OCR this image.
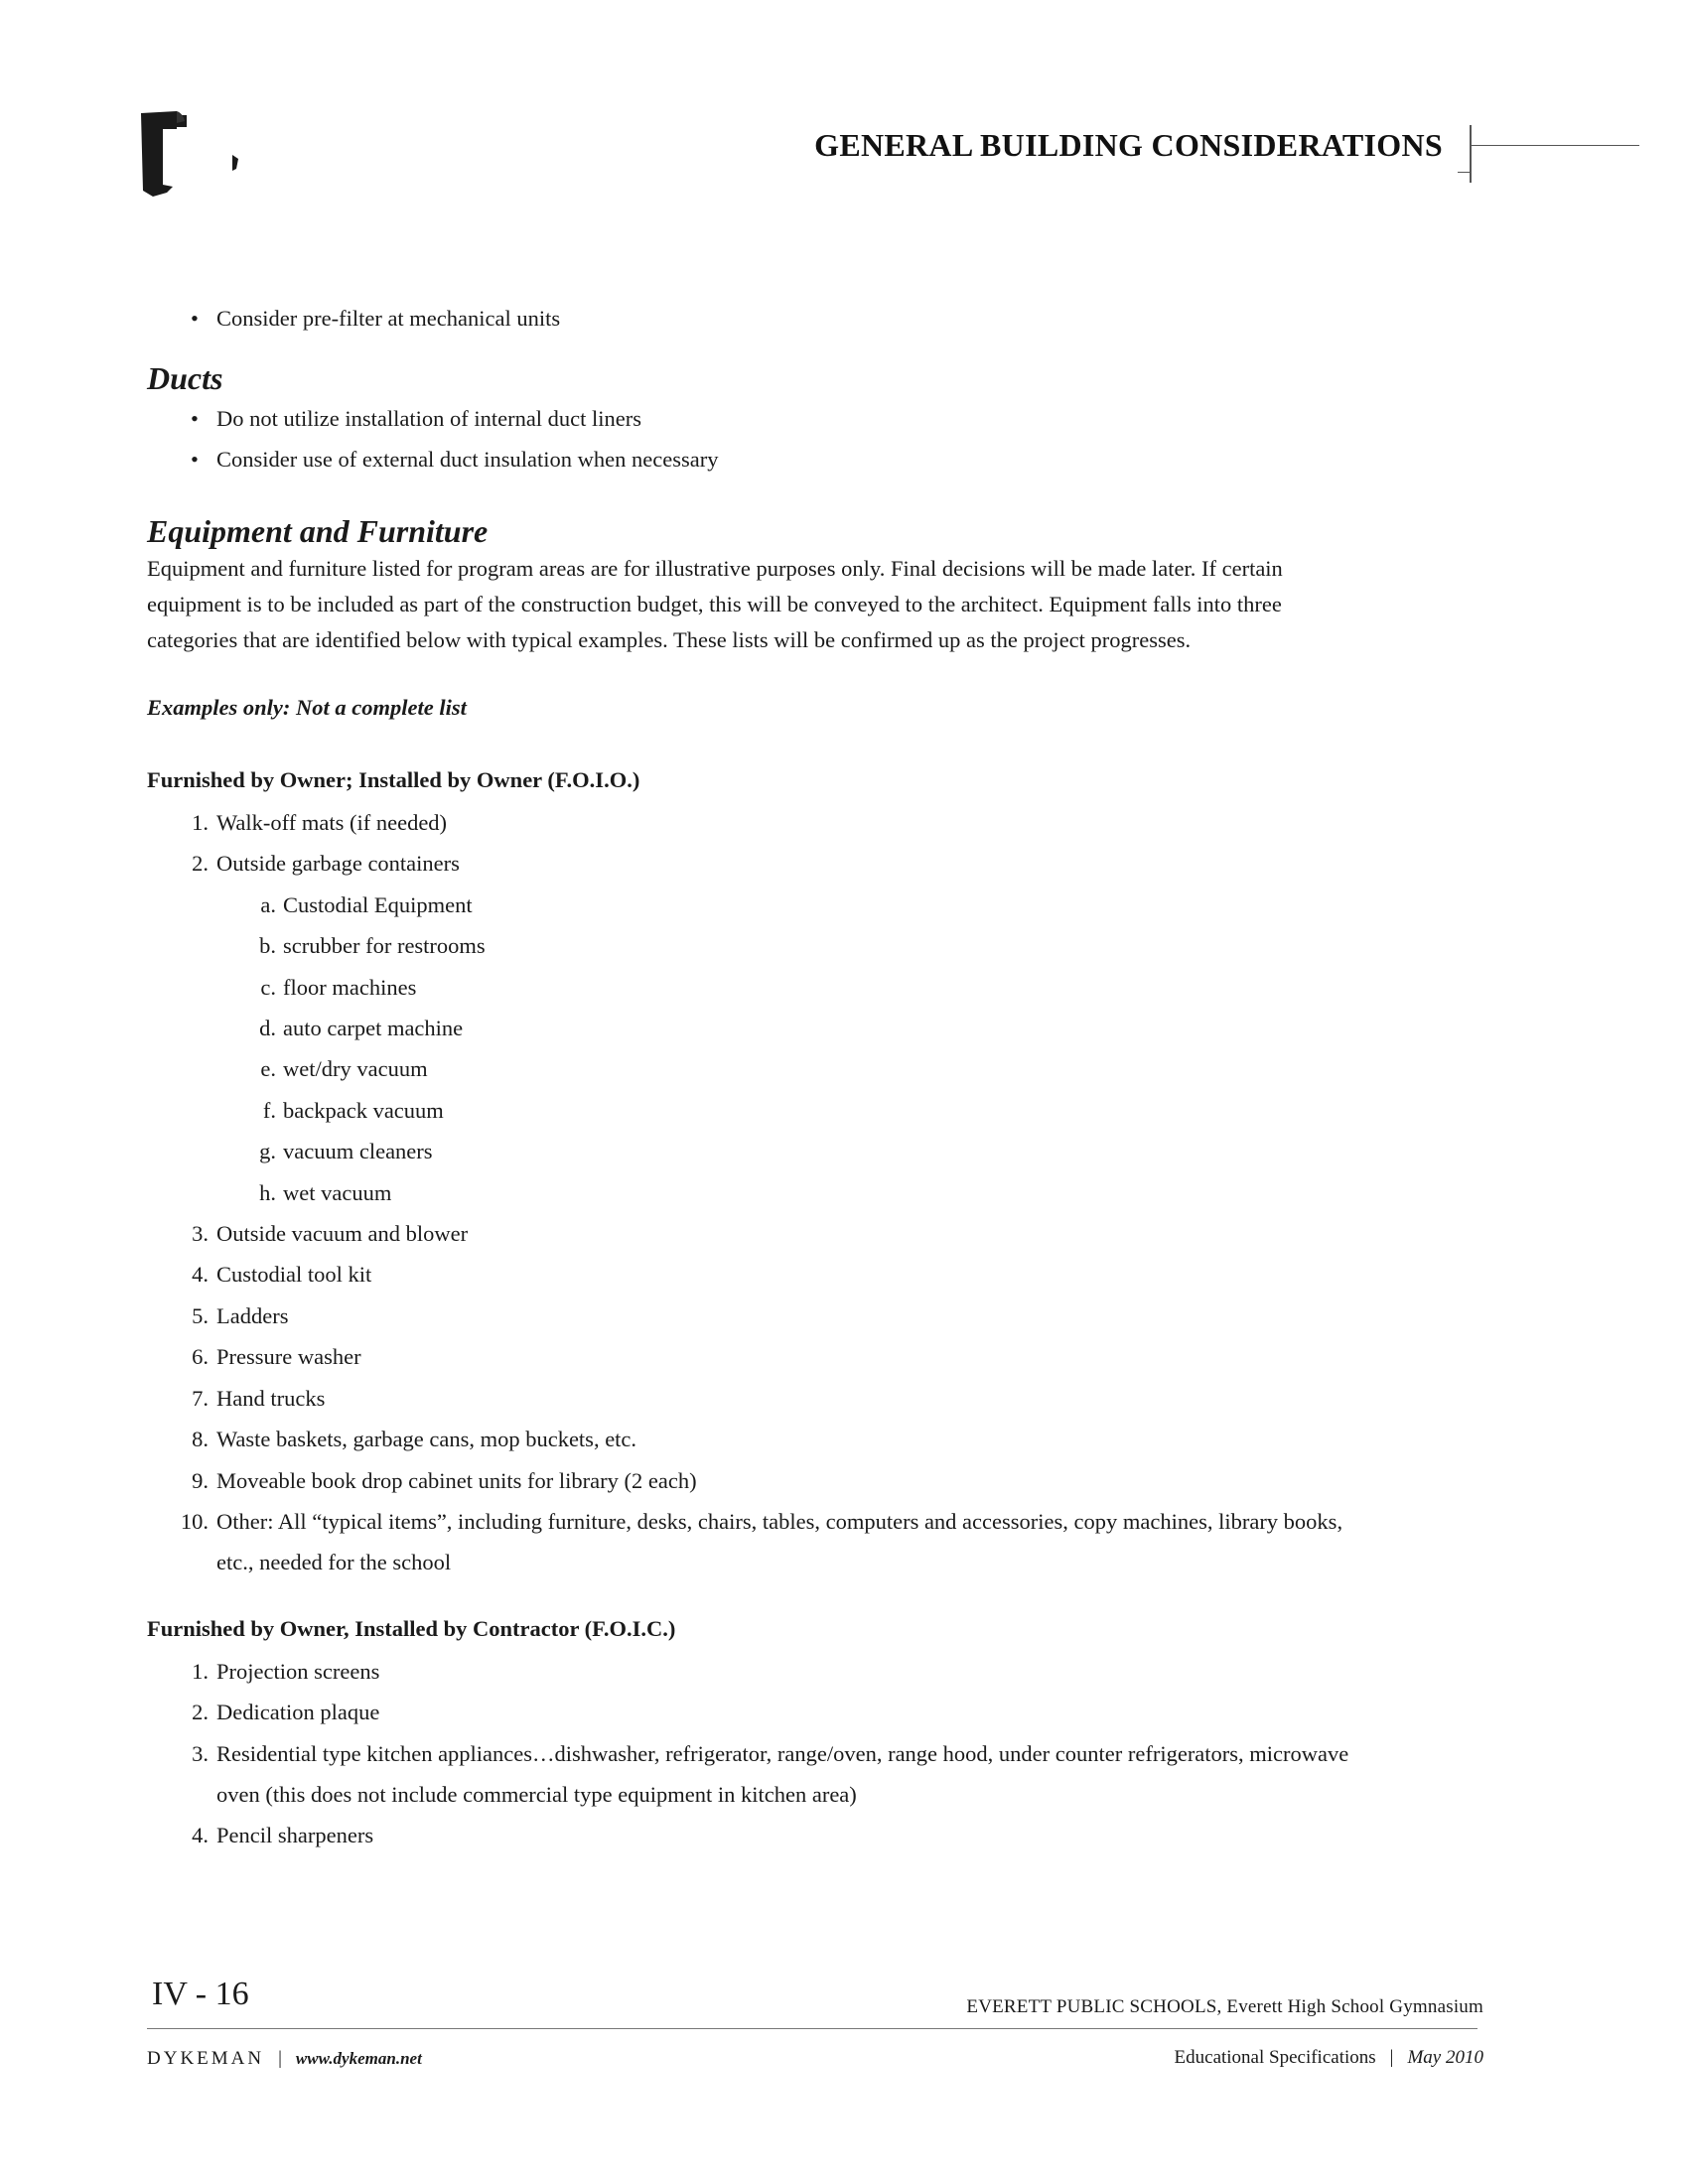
GENERAL BUILDING CONSIDERATIONS
• Consider pre-filter at mechanical units
Ducts
• Do not utilize installation of internal duct liners
• Consider use of external duct insulation when necessary
Equipment and Furniture
Equipment and furniture listed for program areas are for illustrative purposes only. Final decisions will be made later. If certain
equipment is to be included as part of the construction budget, this will be conveyed to the architect. Equipment falls into three
categories that are identified below with typical examples. These lists will be confirmed up as the project progresses.
Examples only: Not a complete list
Furnished by Owner; Installed by Owner (F.O.I.O.)
1. Walk-off mats (if needed)
2. Outside garbage containers
a. Custodial Equipment
b. scrubber for restrooms
c. floor machines
d. auto carpet machine
e. wet/dry vacuum
f. backpack vacuum
g. vacuum cleaners
h. wet vacuum
3. Outside vacuum and blower
4. Custodial tool kit
5. Ladders
6. Pressure washer
7. Hand trucks
8. Waste baskets, garbage cans, mop buckets, etc.
9. Moveable book drop cabinet units for library (2 each)
10. Other: All “typical items”, including furniture, desks, chairs, tables, computers and accessories, copy machines, library books,
etc., needed for the school
Furnished by Owner, Installed by Contractor (F.O.I.C.)
1. Projection screens
2. Dedication plaque
3. Residential type kitchen appliances…dishwasher, refrigerator, range/oven, range hood, under counter refrigerators, microwave
oven (this does not include commercial type equipment in kitchen area)
4. Pencil sharpeners
IV - 16	EVERETT PUBLIC SCHOOLS, Everett High School Gymnasium
DYKEMAN | www.dykeman.net	Educational Specifications | May 2010
